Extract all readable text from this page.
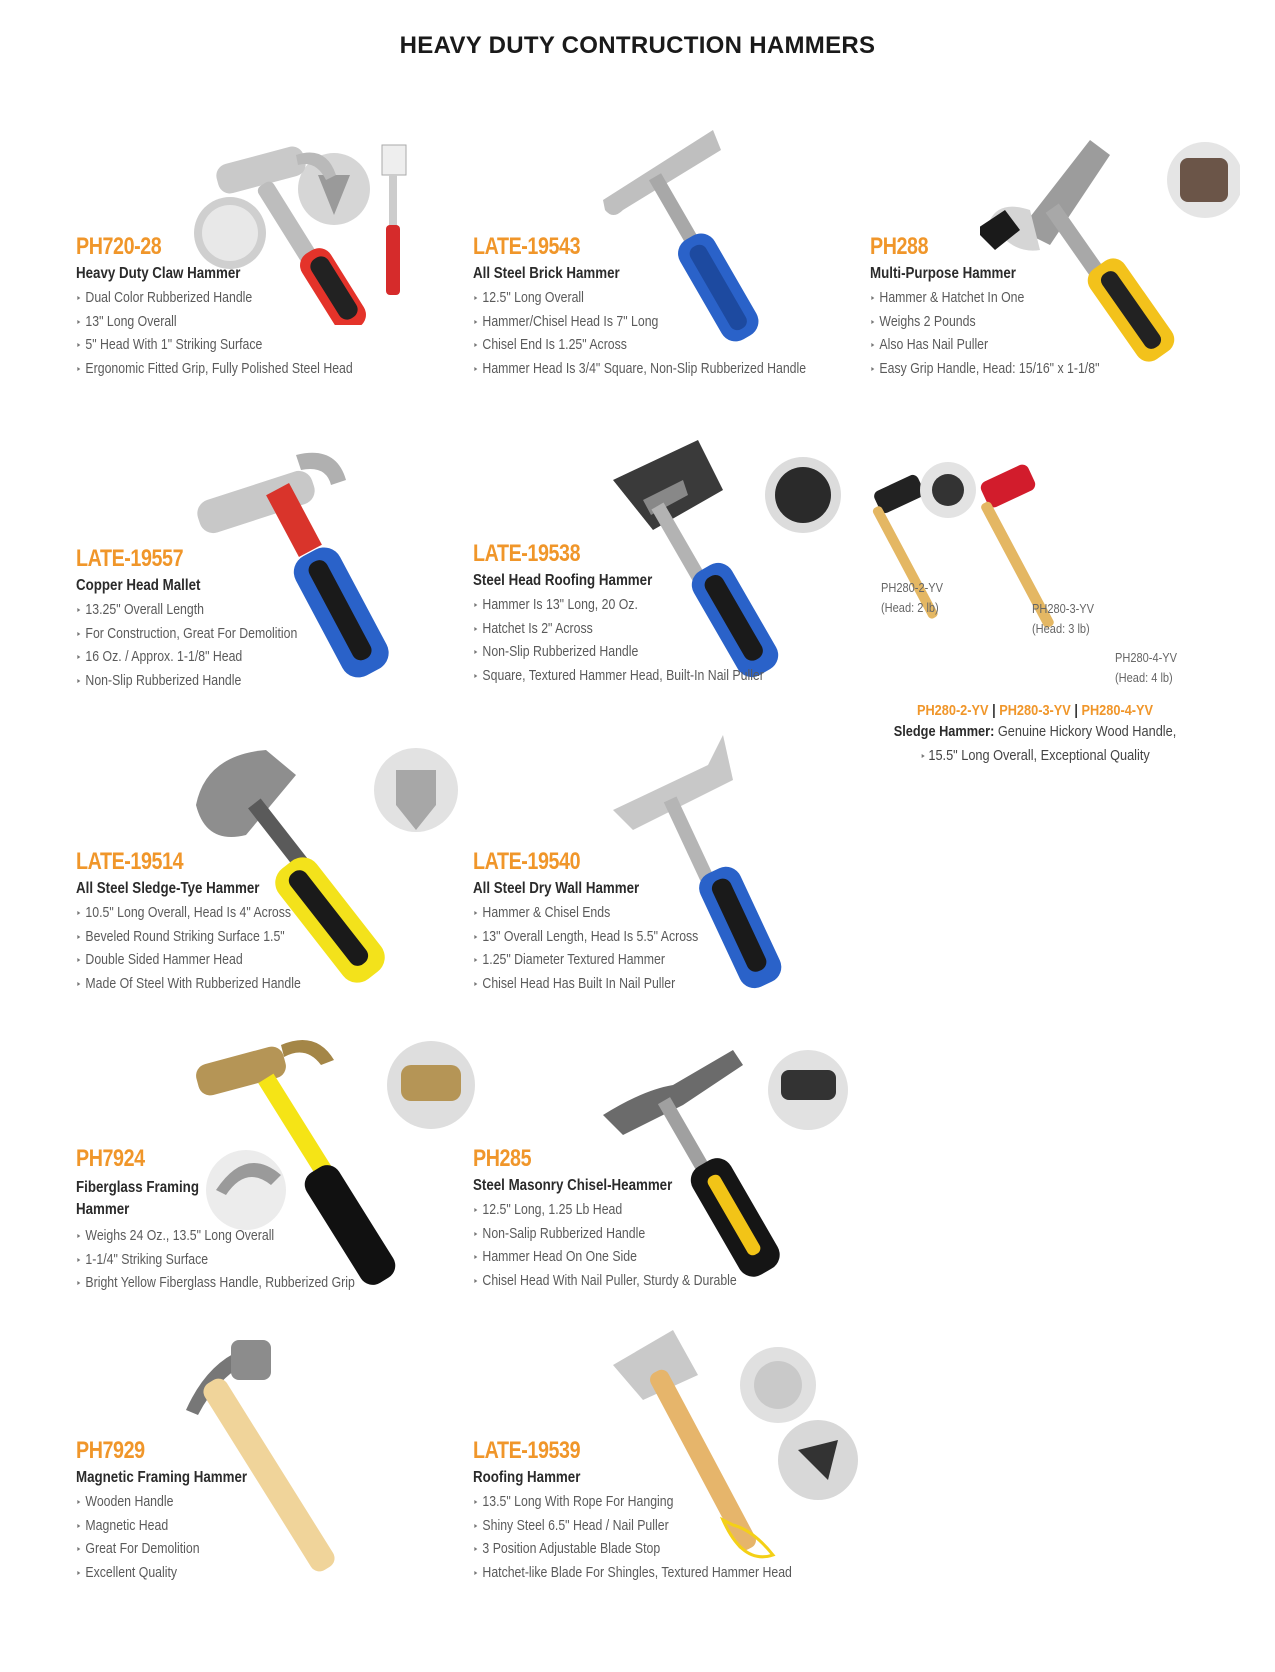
HEAVY DUTY CONTRUCTION HAMMERS
PH720-28
Heavy Duty Claw Hammer
‣ Dual Color Rubberized Handle
‣ 13" Long Overall
‣ 5" Head With 1" Striking Surface
‣ Ergonomic Fitted Grip, Fully Polished Steel Head
LATE-19543
All Steel Brick Hammer
‣ 12.5" Long Overall
‣ Hammer/Chisel Head Is 7" Long
‣ Chisel End Is 1.25" Across
‣ Hammer Head Is 3/4" Square, Non-Slip Rubberized Handle
PH288
Multi-Purpose Hammer
‣ Hammer & Hatchet In One
‣ Weighs 2 Pounds
‣ Also Has Nail Puller
‣ Easy Grip Handle, Head: 15/16" x 1-1/8"
LATE-19557
Copper Head Mallet
‣ 13.25" Overall Length
‣ For Construction, Great For Demolition
‣ 16 Oz. / Approx. 1-1/8" Head
‣ Non-Slip Rubberized Handle
LATE-19538
Steel Head Roofing Hammer
‣ Hammer Is 13" Long, 20 Oz.
‣ Hatchet Is 2" Across
‣ Non-Slip Rubberized Handle
‣ Square, Textured Hammer Head, Built-In Nail Puller
PH280-2-YV
(Head: 2 lb)	PH280-3-YV
(Head: 3 lb)
PH280-4-YV
(Head: 4 lb)
PH280-2-YV | PH280-3-YV | PH280-4-YV
Sledge Hammer: Genuine Hickory Wood Handle,
‣ 15.5" Long Overall, Exceptional Quality
LATE-19514
All Steel Sledge-Tye Hammer
‣ 10.5" Long Overall, Head Is 4" Across
‣ Beveled Round Striking Surface 1.5"
‣ Double Sided Hammer Head
‣ Made Of Steel With Rubberized Handle
LATE-19540
All Steel Dry Wall Hammer
‣ Hammer & Chisel Ends
‣ 13" Overall Length, Head Is 5.5" Across
‣ 1.25" Diameter Textured Hammer
‣ Chisel Head Has Built In Nail Puller
PH7924
Fiberglass Framing Hammer
‣ Weighs 24 Oz., 13.5" Long Overall
‣ 1-1/4" Striking Surface
‣ Bright Yellow Fiberglass Handle, Rubberized Grip
PH285
Steel Masonry Chisel-Heammer
‣ 12.5" Long, 1.25 Lb Head
‣ Non-Salip Rubberized Handle
‣ Hammer Head On One Side
‣ Chisel Head With Nail Puller, Sturdy & Durable
PH7929
Magnetic Framing Hammer
‣ Wooden Handle
‣ Magnetic Head
‣ Great For Demolition
‣ Excellent Quality
LATE-19539
Roofing Hammer
‣ 13.5" Long With Rope For Hanging
‣ Shiny Steel 6.5" Head / Nail Puller
‣ 3 Position Adjustable Blade Stop
‣ Hatchet-like Blade For Shingles, Textured Hammer Head
